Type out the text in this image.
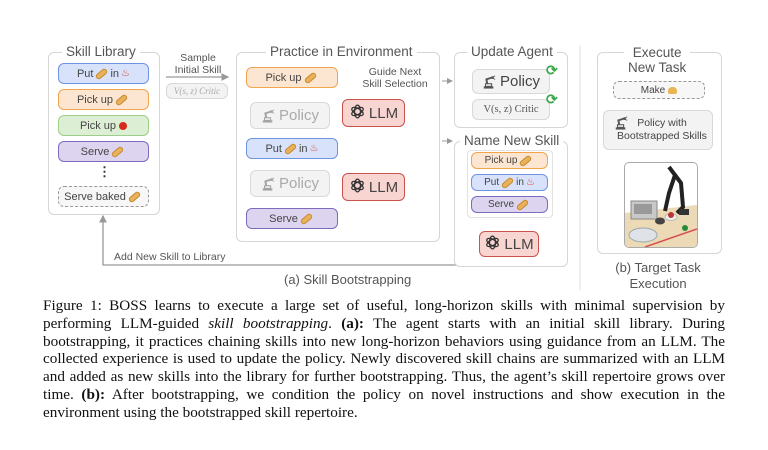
Skill Library
Put in ♨
Pick up
Pick up
Serve
⋮
Serve baked
Sample
Initial Skill
V(s, z) Critic
Practice in Environment
Guide Next
Skill Selection
Pick up
Policy	LLM
Put in ♨
Policy	LLM
Serve
Update Agent
Policy
⟳
V(s, z) Critic
⟳
Name New Skill
Pick up
Put in ♨
Serve
LLM
Add New Skill to Library
(a) Skill Bootstrapping
Execute
New Task
Make
Policy with
Bootstrapped Skills
(b) Target Task
Execution

Figure 1: BOSS learns to execute a large set of useful, long-horizon skills with minimal supervision by performing LLM-guided skill bootstrapping. (a): The agent starts with an initial skill library. During bootstrapping, it practices chaining skills into new long-horizon behaviors using guidance from an LLM. The collected experience is used to update the policy. Newly discovered skill chains are summarized with an LLM and added as new skills into the library for further bootstrapping. Thus, the agent’s skill repertoire grows over time. (b): After bootstrapping, we condition the policy on novel instructions and show execution in the environment using the bootstrapped skill repertoire.
